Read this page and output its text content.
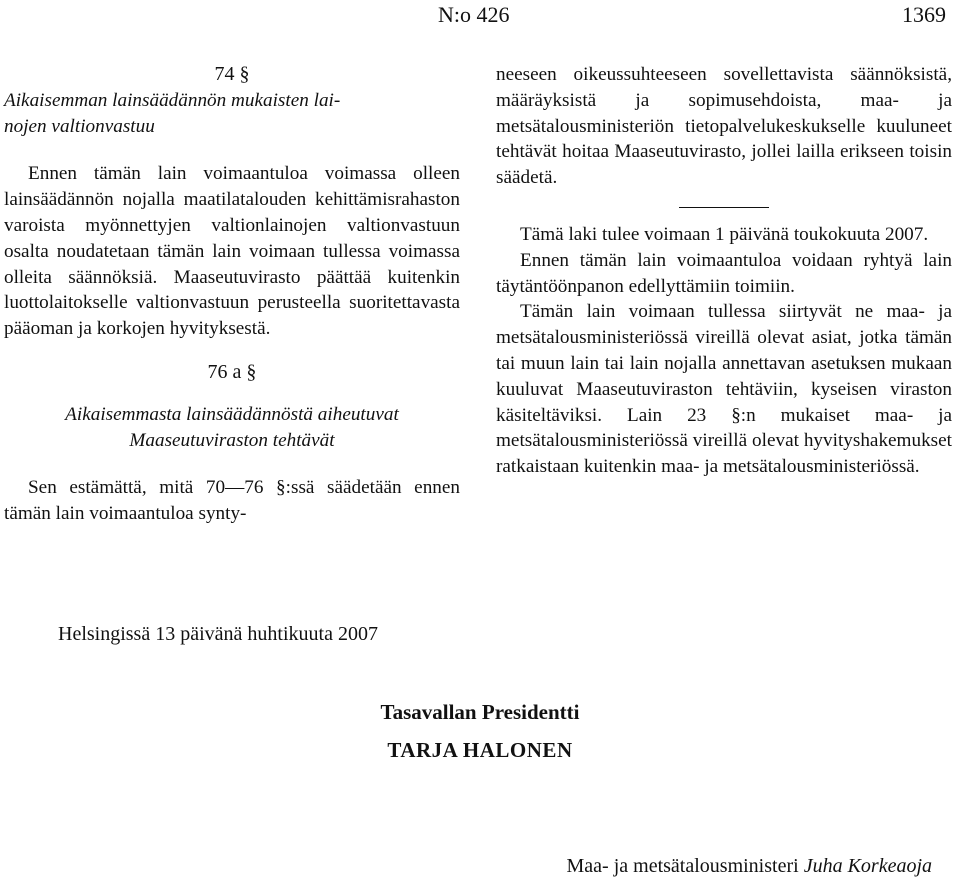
N:o 426	1369

74 §

Aikaisemman lainsäädännön mukaisten lai-
nojen valtionvastuu

Ennen tämän lain voimaantuloa voimassa olleen lainsäädännön nojalla maatilatalouden kehittämisrahaston varoista myönnettyjen valtionlainojen valtionvastuun osalta noudatetaan tämän lain voimaan tullessa voimassa olleita säännöksiä. Maaseutuvirasto päättää kuitenkin luottolaitokselle valtionvastuun perusteella suoritettavasta pääoman ja korkojen hyvityksestä.

76 a §

Aikaisemmasta lainsäädännöstä aiheutuvat Maaseutuviraston tehtävät

Sen estämättä, mitä 70—76 §:ssä säädetään ennen tämän lain voimaantuloa synty-

neeseen oikeussuhteeseen sovellettavista säännöksistä, määräyksistä ja sopimusehdoista, maa- ja metsätalousministeriön tietopalvelukeskukselle kuuluneet tehtävät hoitaa Maaseutuvirasto, jollei lailla erikseen toisin säädetä.

Tämä laki tulee voimaan 1 päivänä toukokuuta 2007.

Ennen tämän lain voimaantuloa voidaan ryhtyä lain täytäntöönpanon edellyttämiin toimiin.

Tämän lain voimaan tullessa siirtyvät ne maa- ja metsätalousministeriössä vireillä olevat asiat, jotka tämän tai muun lain tai lain nojalla annettavan asetuksen mukaan kuuluvat Maaseutuviraston tehtäviin, kyseisen viraston käsiteltäviksi. Lain 23 §:n mukaiset maa- ja metsätalousministeriössä vireillä olevat hyvityshakemukset ratkaistaan kuitenkin maa- ja metsätalousministeriössä.

Helsingissä 13 päivänä huhtikuuta 2007
Tasavallan Presidentti
TARJA HALONEN
Maa- ja metsätalousministeri Juha Korkeaoja
